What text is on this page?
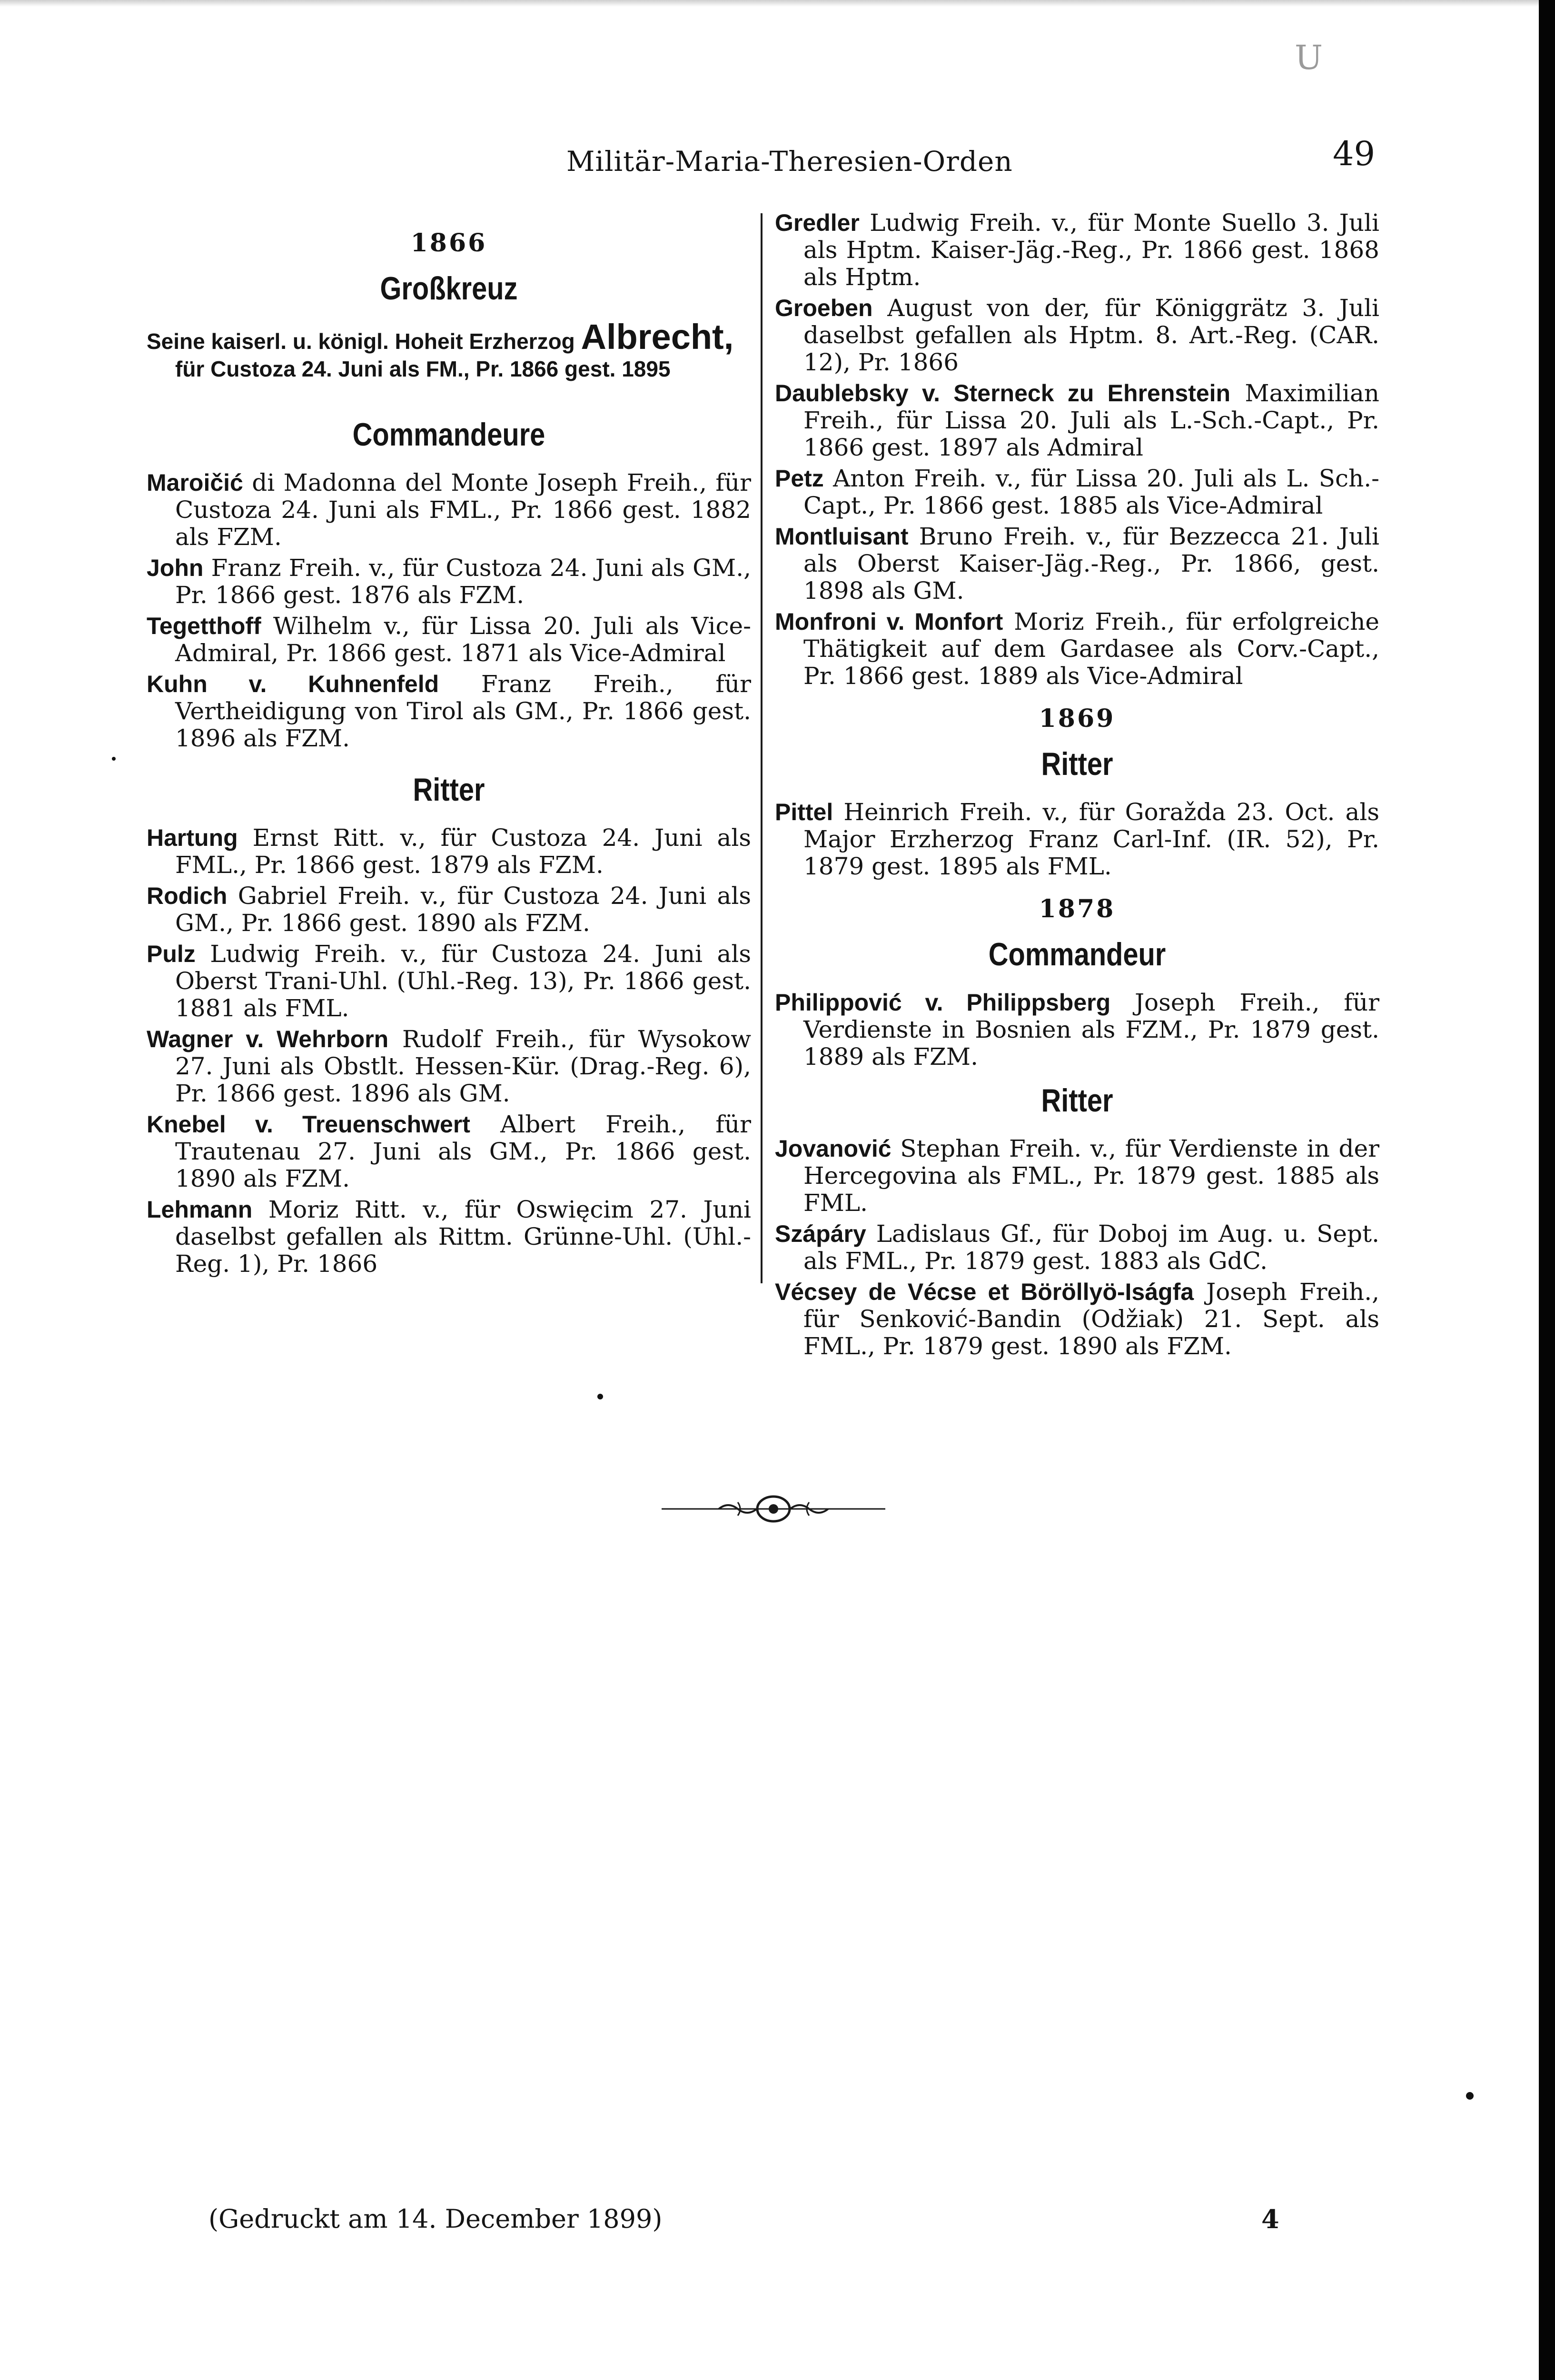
U
Militär-Maria-Theresien-Orden	49
1866
Großkreuz
Seine kaiserl. u. königl. Hoheit Erzherzog Albrecht,
für Custoza 24. Juni als FM., Pr. 1866 gest. 1895
Commandeure

Maroičić di Madonna del Monte Joseph Freih., für Custoza 24. Juni als FML., Pr. 1866 gest. 1882 als FZM.

John Franz Freih. v., für Custoza 24. Juni als GM., Pr. 1866 gest. 1876 als FZM.

Tegetthoff Wilhelm v., für Lissa 20. Juli als Vice-Admiral, Pr. 1866 gest. 1871 als Vice-Admiral

Kuhn v. Kuhnenfeld Franz Freih., für Vertheidigung von Tirol als GM., Pr. 1866 gest. 1896 als FZM.

Ritter

Hartung Ernst Ritt. v., für Custoza 24. Juni als FML., Pr. 1866 gest. 1879 als FZM.

Rodich Gabriel Freih. v., für Custoza 24. Juni als GM., Pr. 1866 gest. 1890 als FZM.

Pulz Ludwig Freih. v., für Custoza 24. Juni als Oberst Trani-Uhl. (Uhl.-Reg. 13), Pr. 1866 gest. 1881 als FML.

Wagner v. Wehrborn Rudolf Freih., für Wysokow 27. Juni als Obstlt. Hessen-Kür. (Drag.-Reg. 6), Pr. 1866 gest. 1896 als GM.

Knebel v. Treuenschwert Albert Freih., für Trautenau 27. Juni als GM., Pr. 1866 gest. 1890 als FZM.

Lehmann Moriz Ritt. v., für Oswięcim 27. Juni daselbst gefallen als Rittm. Grünne-Uhl. (Uhl.-Reg. 1), Pr. 1866

Gredler Ludwig Freih. v., für Monte Suello 3. Juli als Hptm. Kaiser-Jäg.-Reg., Pr. 1866 gest. 1868 als Hptm.

Groeben August von der, für Königgrätz 3. Juli daselbst gefallen als Hptm. 8. Art.-Reg. (CAR. 12), Pr. 1866

Daublebsky v. Sterneck zu Ehrenstein Maximilian Freih., für Lissa 20. Juli als L.-Sch.-Capt., Pr. 1866 gest. 1897 als Admiral

Petz Anton Freih. v., für Lissa 20. Juli als L. Sch.-Capt., Pr. 1866 gest. 1885 als Vice-Admiral

Montluisant Bruno Freih. v., für Bezzecca 21. Juli als Oberst Kaiser-Jäg.-Reg., Pr. 1866, gest. 1898 als GM.

Monfroni v. Monfort Moriz Freih., für erfolgreiche Thätigkeit auf dem Gardasee als Corv.-Capt., Pr. 1866 gest. 1889 als Vice-Admiral

1869
Ritter

Pittel Heinrich Freih. v., für Goražda 23. Oct. als Major Erzherzog Franz Carl-Inf. (IR. 52), Pr. 1879 gest. 1895 als FML.

1878
Commandeur

Philippović v. Philippsberg Joseph Freih., für Verdienste in Bosnien als FZM., Pr. 1879 gest. 1889 als FZM.

Ritter

Jovanović Stephan Freih. v., für Verdienste in der Hercegovina als FML., Pr. 1879 gest. 1885 als FML.

Szápáry Ladislaus Gf., für Doboj im Aug. u. Sept. als FML., Pr. 1879 gest. 1883 als GdC.

Vécsey de Vécse et Böröllyö-Iságfa Joseph Freih., für Senković-Bandin (Odžiak) 21. Sept. als FML., Pr. 1879 gest. 1890 als FZM.

(Gedruckt am 14. December 1899)	4
